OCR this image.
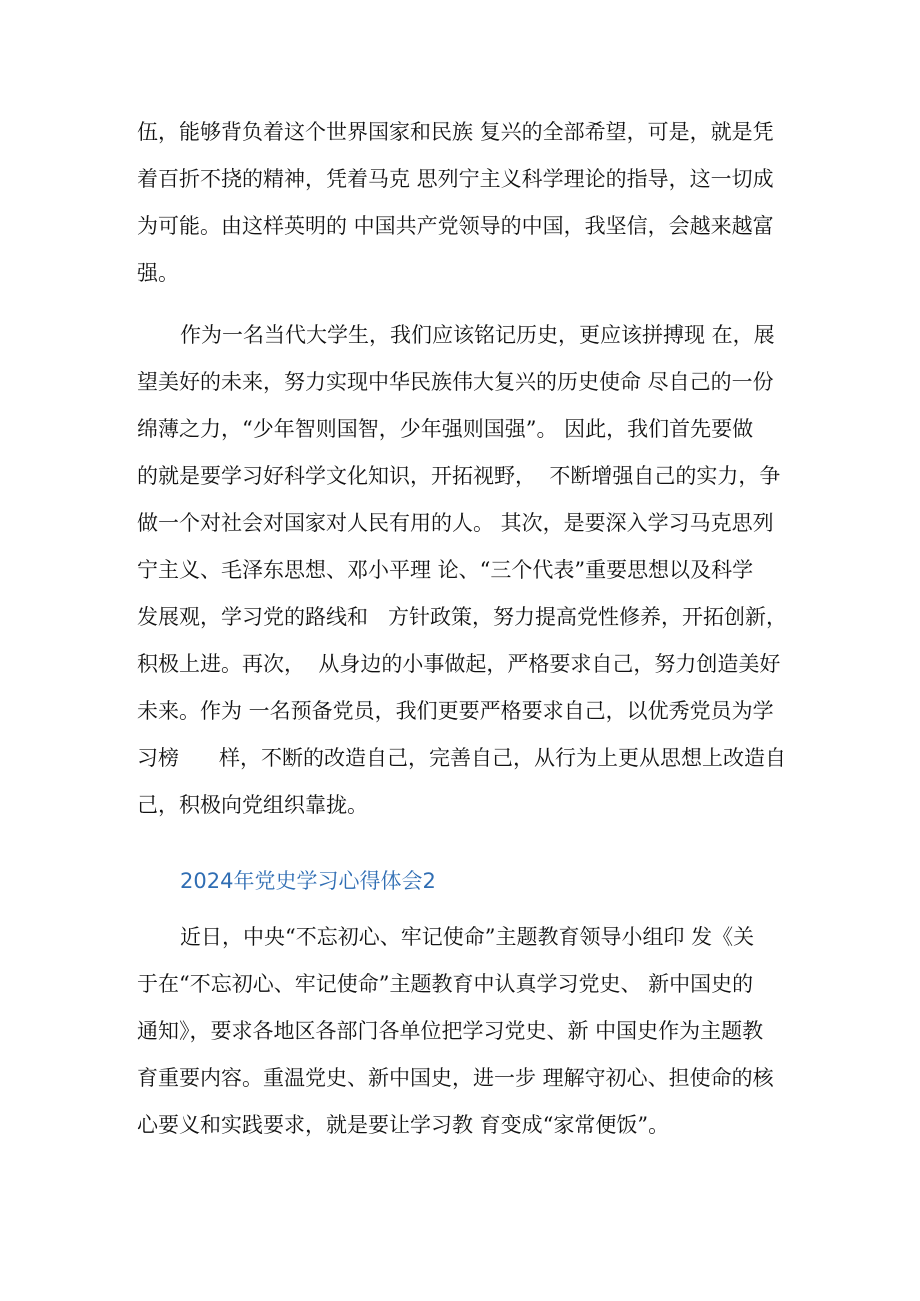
伍，能够背负着这个世界国家和民族 复兴的全部希望，可是，就是凭
着百折不挠的精神，凭着马克 思列宁主义科学理论的指导，这一切成
为可能。由这样英明的 中国共产党领导的中国，我坚信，会越来越富
强。
作为一名当代大学生，我们应该铭记历史，更应该拼搏现 在，展
望美好的未来，努力实现中华民族伟大复兴的历史使命 尽自己的一份
绵薄之力，“少年智则国智，少年强则国强”。 因此，我们首先要做
的就是要学习好科学文化知识，开拓视野，  不断增强自己的实力，争
做一个对社会对国家对人民有用的人。 其次，是要深入学习马克思列
宁主义、毛泽东思想、邓小平理 论、“三个代表”重要思想以及科学
发展观，学习党的路线和   方针政策，努力提高党性修养，开拓创新，
积极上进。再次，  从身边的小事做起，严格要求自己，努力创造美好
未来。作为 一名预备党员，我们更要严格要求自己，以优秀党员为学
习榜      样，不断的改造自己，完善自己，从行为上更从思想上改造自
己，积极向党组织靠拢。
2024年党史学习心得体会2
近日，中央“不忘初心、牢记使命”主题教育领导小组印 发《关
于在“不忘初心、牢记使命”主题教育中认真学习党史、 新中国史的
通知》，要求各地区各部门各单位把学习党史、新 中国史作为主题教
育重要内容。重温党史、新中国史，进一步 理解守初心、担使命的核
心要义和实践要求，就是要让学习教 育变成“家常便饭”。
